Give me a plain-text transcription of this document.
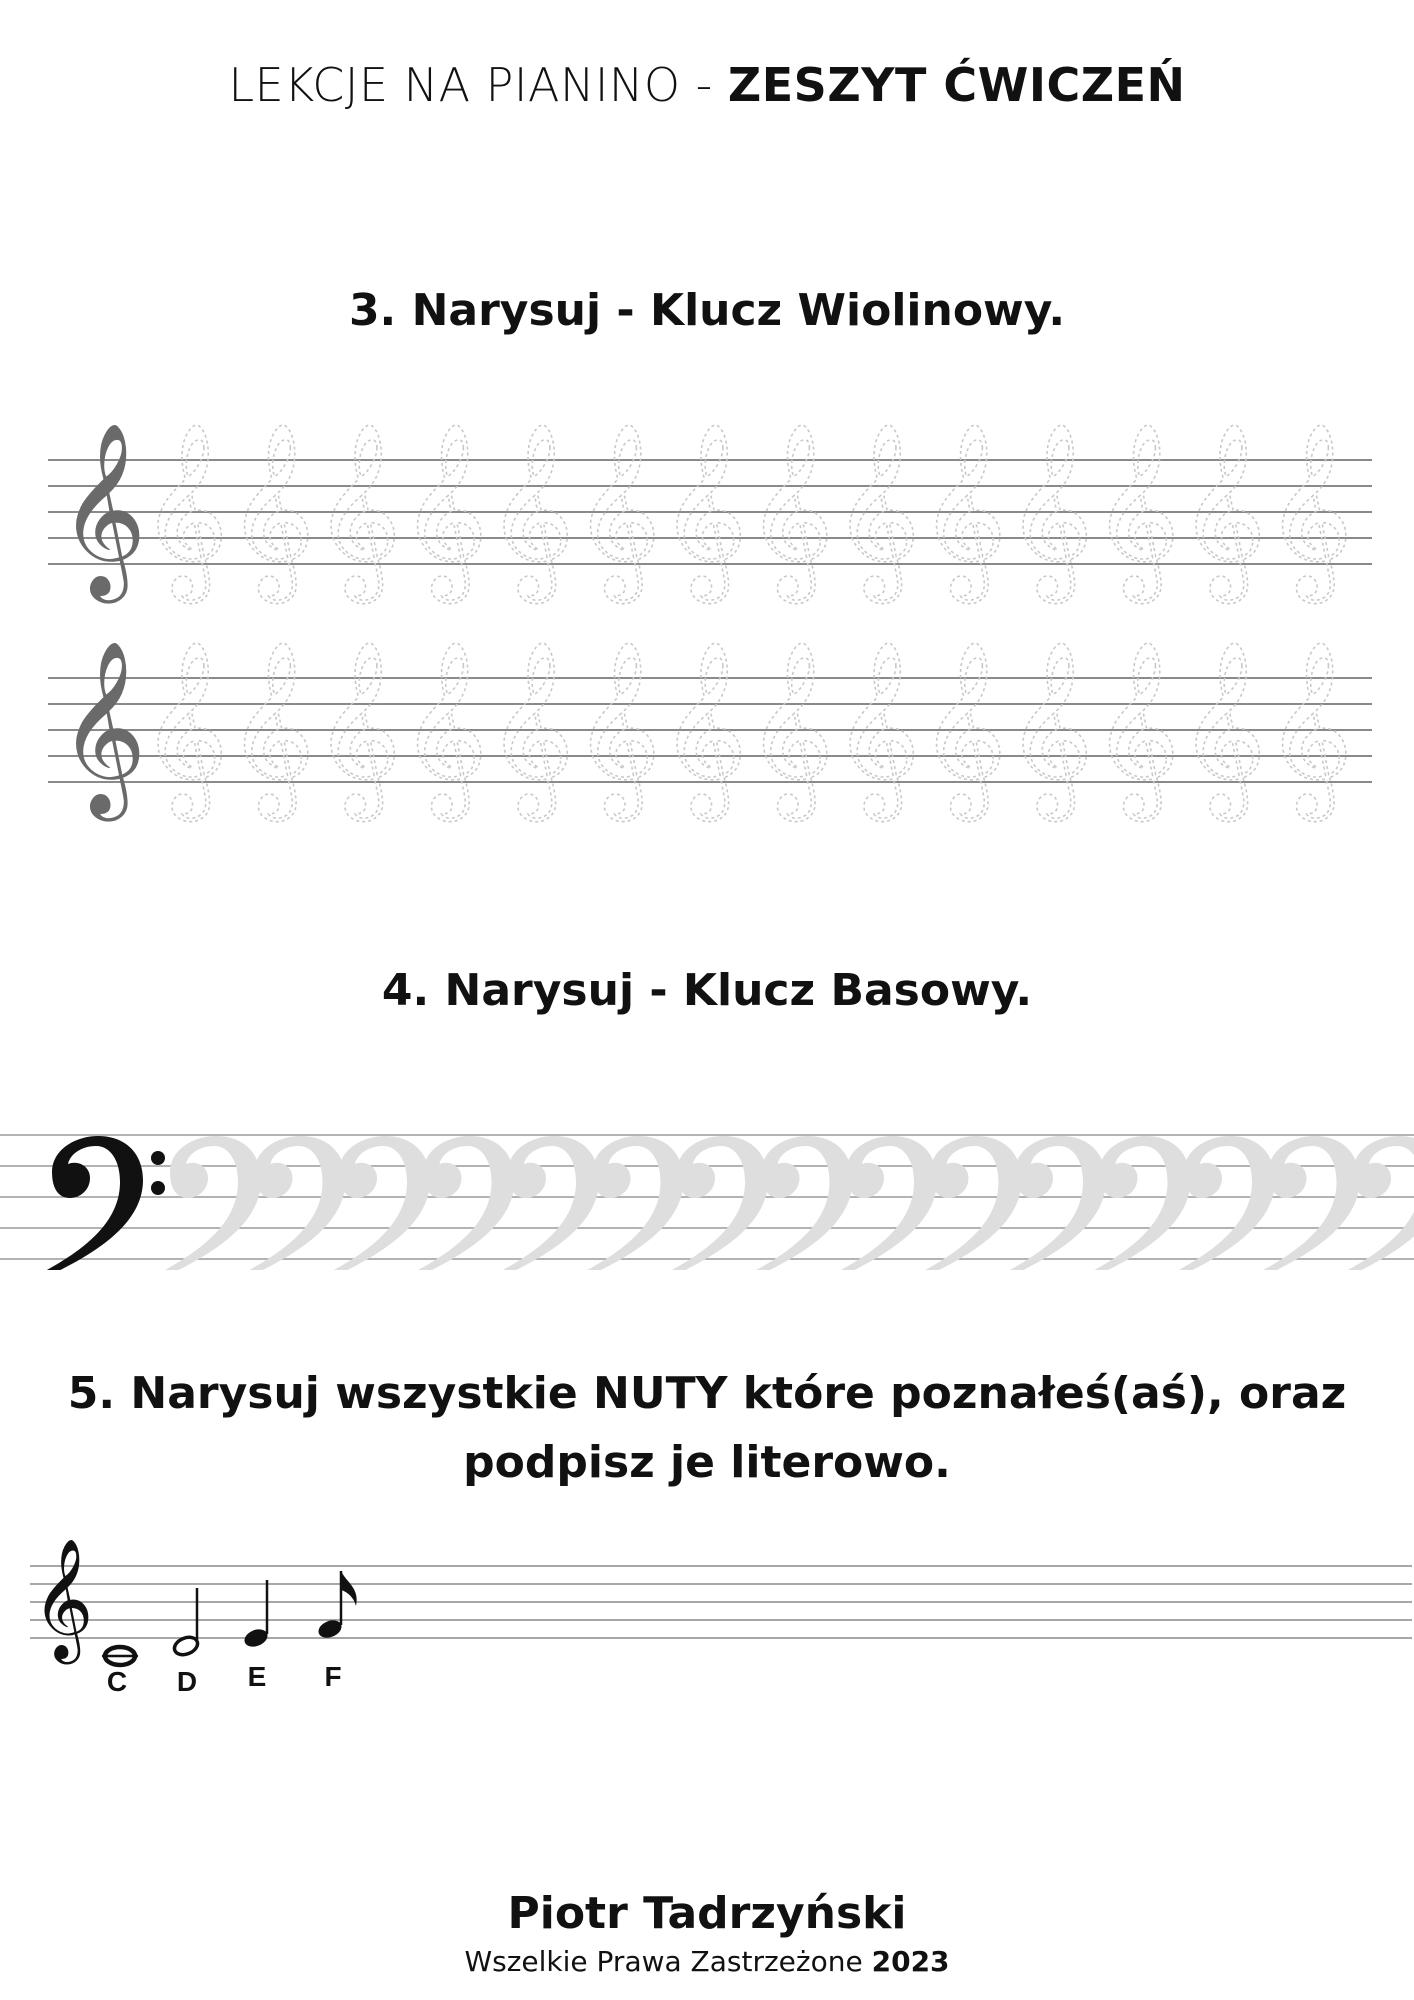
LEKCJE NA PIANINO - ZESZYT ĆWICZEŃ
3. Narysuj - Klucz Wiolinowy.
𝄞
𝄞
𝄞
𝄞
𝄞
𝄞
𝄞
𝄞
𝄞
𝄞
𝄞
𝄞
𝄞
𝄞
𝄞
𝄞
𝄞
𝄞
𝄞
𝄞
𝄞
𝄞
𝄞
𝄞
𝄞
𝄞
𝄞
𝄞
𝄞
𝄞
4. Narysuj - Klucz Basowy.
5. Narysuj wszystkie NUTY które poznałeś(aś), oraz
podpisz je literowo.
𝄞
C D E F
Piotr Tadrzyński
Wszelkie Prawa Zastrzeżone 2023
